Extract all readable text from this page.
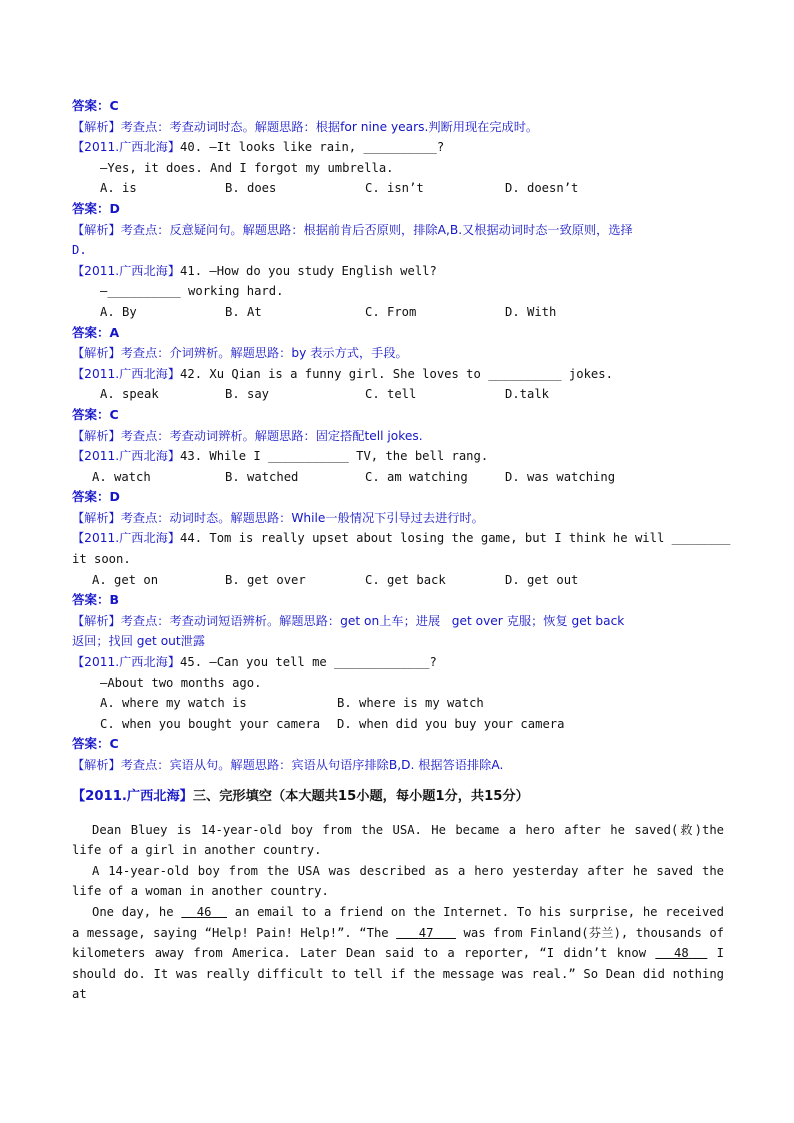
答案：C
【解析】考查点：考查动词时态。解题思路：根据for nine years.判断用现在完成时。
【2011.广西北海】40. —It looks like rain, __________?
—Yes, it does. And I forgot my umbrella.
A. is	B. does	C. isn’t	D. doesn’t
答案：D
【解析】考查点：反意疑问句。解题思路：根据前肯后否原则，排除A,B.又根据动词时态一致原则，选择
D.
【2011.广西北海】41. —How do you study English well?
—__________ working hard.
A. By	B. At	C. From	D. With
答案：A
【解析】考查点：介词辨析。解题思路：by 表示方式，手段。
【2011.广西北海】42. Xu Qian is a funny girl. She loves to __________ jokes.
A. speak	B. say	C. tell	D.talk
答案：C
【解析】考查点：考查动词辨析。解题思路：固定搭配tell jokes.
【2011.广西北海】43. While I ___________ TV, the bell rang.
A. watch	B. watched	C. am watching	D. was watching
答案：D
【解析】考查点：动词时态。解题思路：While一般情况下引导过去进行时。
【2011.广西北海】44. Tom is really upset about losing the game, but I think he will ________
it soon.
A. get on	B. get over	C. get back	D. get out
答案：B
【解析】考查点：考查动词短语辨析。解题思路：get on上车；进展   get over 克服；恢复 get back
返回；找回 get out泄露
【2011.广西北海】45. —Can you tell me _____________?
—About two months ago.
A. where my watch is	B. where is my watch
C. when you bought your camera	D. when did you buy your camera
答案：C
【解析】考查点：宾语从句。解题思路：宾语从句语序排除B,D. 根据答语排除A.
【2011.广西北海】三、完形填空（本大题共15小题，每小题1分，共15分）
Dean Bluey is 14-year-old boy from the USA. He became a hero after he saved(救)the life of a girl in another country.
A 14-year-old boy from the USA was described as a hero yesterday after he saved the life of a woman in another country.
One day, he   46   an email to a friend on the Internet. To his surprise, he received a message, saying “Help! Pain! Help!”. “The    47    was from Finland(芬兰), thousands of kilometers away from America. Later Dean said to a reporter, “I didn’t know   48   I should do. It was really difficult to tell if the message was real.” So Dean did nothing at
